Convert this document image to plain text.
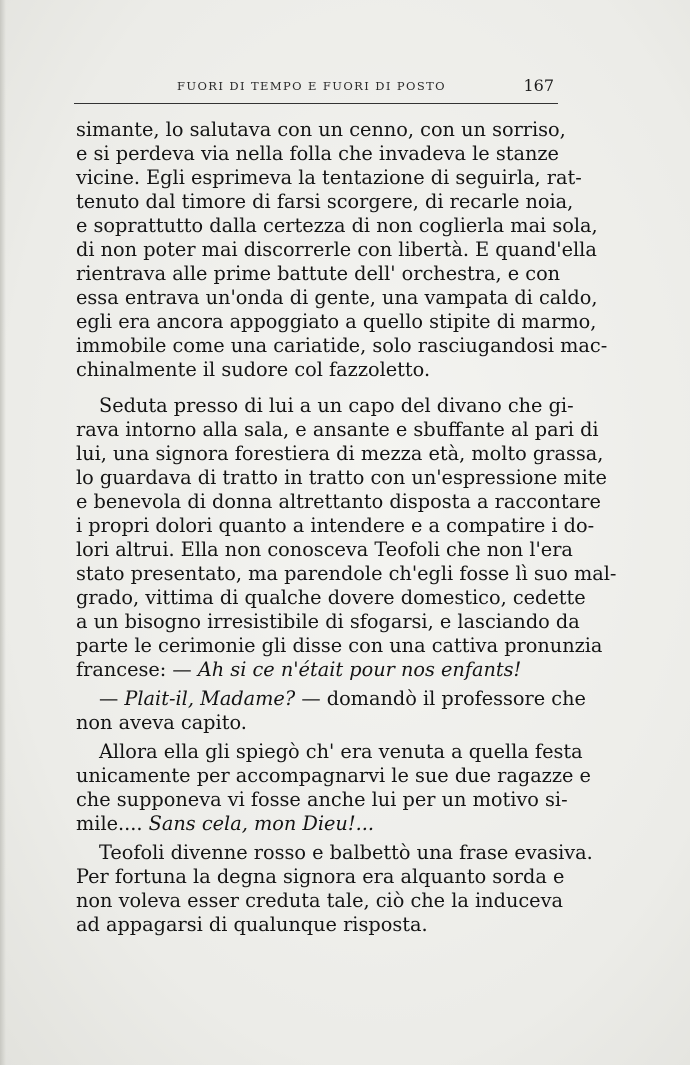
FUORI DI TEMPO E FUORI DI POSTO	167
simante, lo salutava con un cenno, con un sorriso,
e si perdeva via nella folla che invadeva le stanze
vicine. Egli esprimeva la tentazione di seguirla, rat-
tenuto dal timore di farsi scorgere, di recarle noia,
e soprattutto dalla certezza di non coglierla mai sola,
di non poter mai discorrerle con libertà. E quand'ella
rientrava alle prime battute dell' orchestra, e con
essa entrava un'onda di gente, una vampata di caldo,
egli era ancora appoggiato a quello stipite di marmo,
immobile come una cariatide, solo rasciugandosi mac-
chinalmente il sudore col fazzoletto.
Seduta presso di lui a un capo del divano che gi-
rava intorno alla sala, e ansante e sbuffante al pari di
lui, una signora forestiera di mezza età, molto grassa,
lo guardava di tratto in tratto con un'espressione mite
e benevola di donna altrettanto disposta a raccontare
i propri dolori quanto a intendere e a compatire i do-
lori altrui. Ella non conosceva Teofoli che non l'era
stato presentato, ma parendole ch'egli fosse lì suo mal-
grado, vittima di qualche dovere domestico, cedette
a un bisogno irresistibile di sfogarsi, e lasciando da
parte le cerimonie gli disse con una cattiva pronunzia
francese: — Ah si ce n'était pour nos enfants!
— Plait-il, Madame? — domandò il professore che
non aveva capito.
Allora ella gli spiegò ch' era venuta a quella festa
unicamente per accompagnarvi le sue due ragazze e
che supponeva vi fosse anche lui per un motivo si-
mile.... Sans cela, mon Dieu!...
Teofoli divenne rosso e balbettò una frase evasiva.
Per fortuna la degna signora era alquanto sorda e
non voleva esser creduta tale, ciò che la induceva
ad appagarsi di qualunque risposta.
